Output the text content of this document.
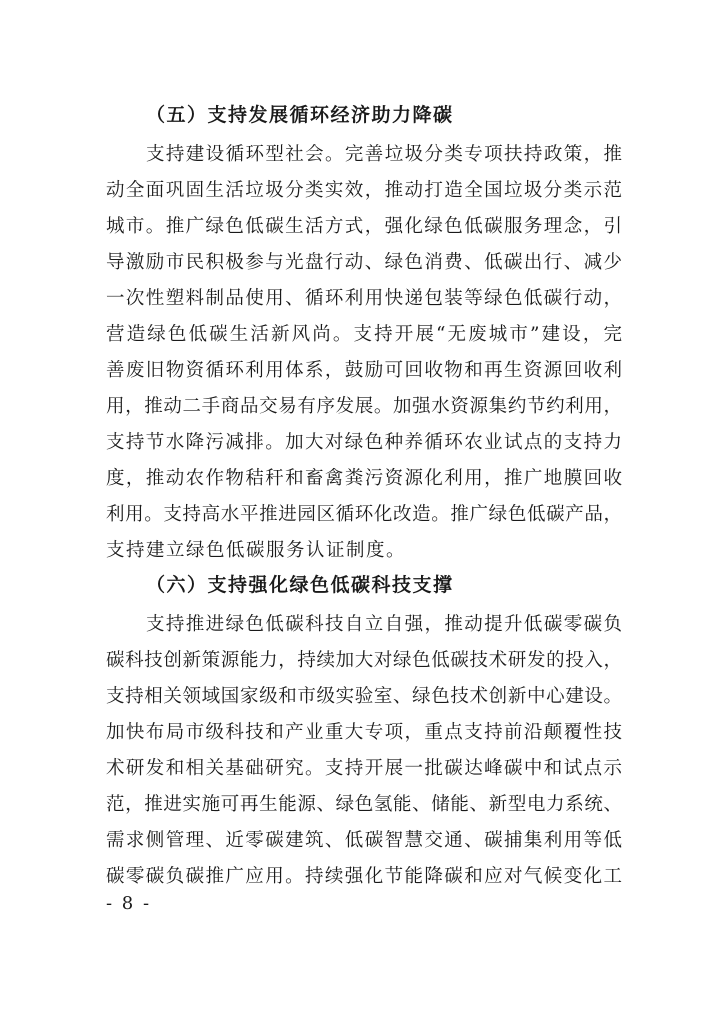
（五）支持发展循环经济助力降碳

支持建设循环型社会。完善垃圾分类专项扶持政策，推

动全面巩固生活垃圾分类实效，推动打造全国垃圾分类示范

城市。推广绿色低碳生活方式，强化绿色低碳服务理念，引

导激励市民积极参与光盘行动、绿色消费、低碳出行、减少

一次性塑料制品使用、循环利用快递包装等绿色低碳行动，

营造绿色低碳生活新风尚。支持开展“无废城市”建设，完

善废旧物资循环利用体系，鼓励可回收物和再生资源回收利

用，推动二手商品交易有序发展。加强水资源集约节约利用，

支持节水降污减排。加大对绿色种养循环农业试点的支持力

度，推动农作物秸秆和畜禽粪污资源化利用，推广地膜回收

利用。支持高水平推进园区循环化改造。推广绿色低碳产品，

支持建立绿色低碳服务认证制度。

（六）支持强化绿色低碳科技支撑

支持推进绿色低碳科技自立自强，推动提升低碳零碳负

碳科技创新策源能力，持续加大对绿色低碳技术研发的投入，

支持相关领域国家级和市级实验室、绿色技术创新中心建设。

加快布局市级科技和产业重大专项，重点支持前沿颠覆性技

术研发和相关基础研究。支持开展一批碳达峰碳中和试点示

范，推进实施可再生能源、绿色氢能、储能、新型电力系统、

需求侧管理、近零碳建筑、低碳智慧交通、碳捕集利用等低

碳零碳负碳推广应用。持续强化节能降碳和应对气候变化工

- 8 -
